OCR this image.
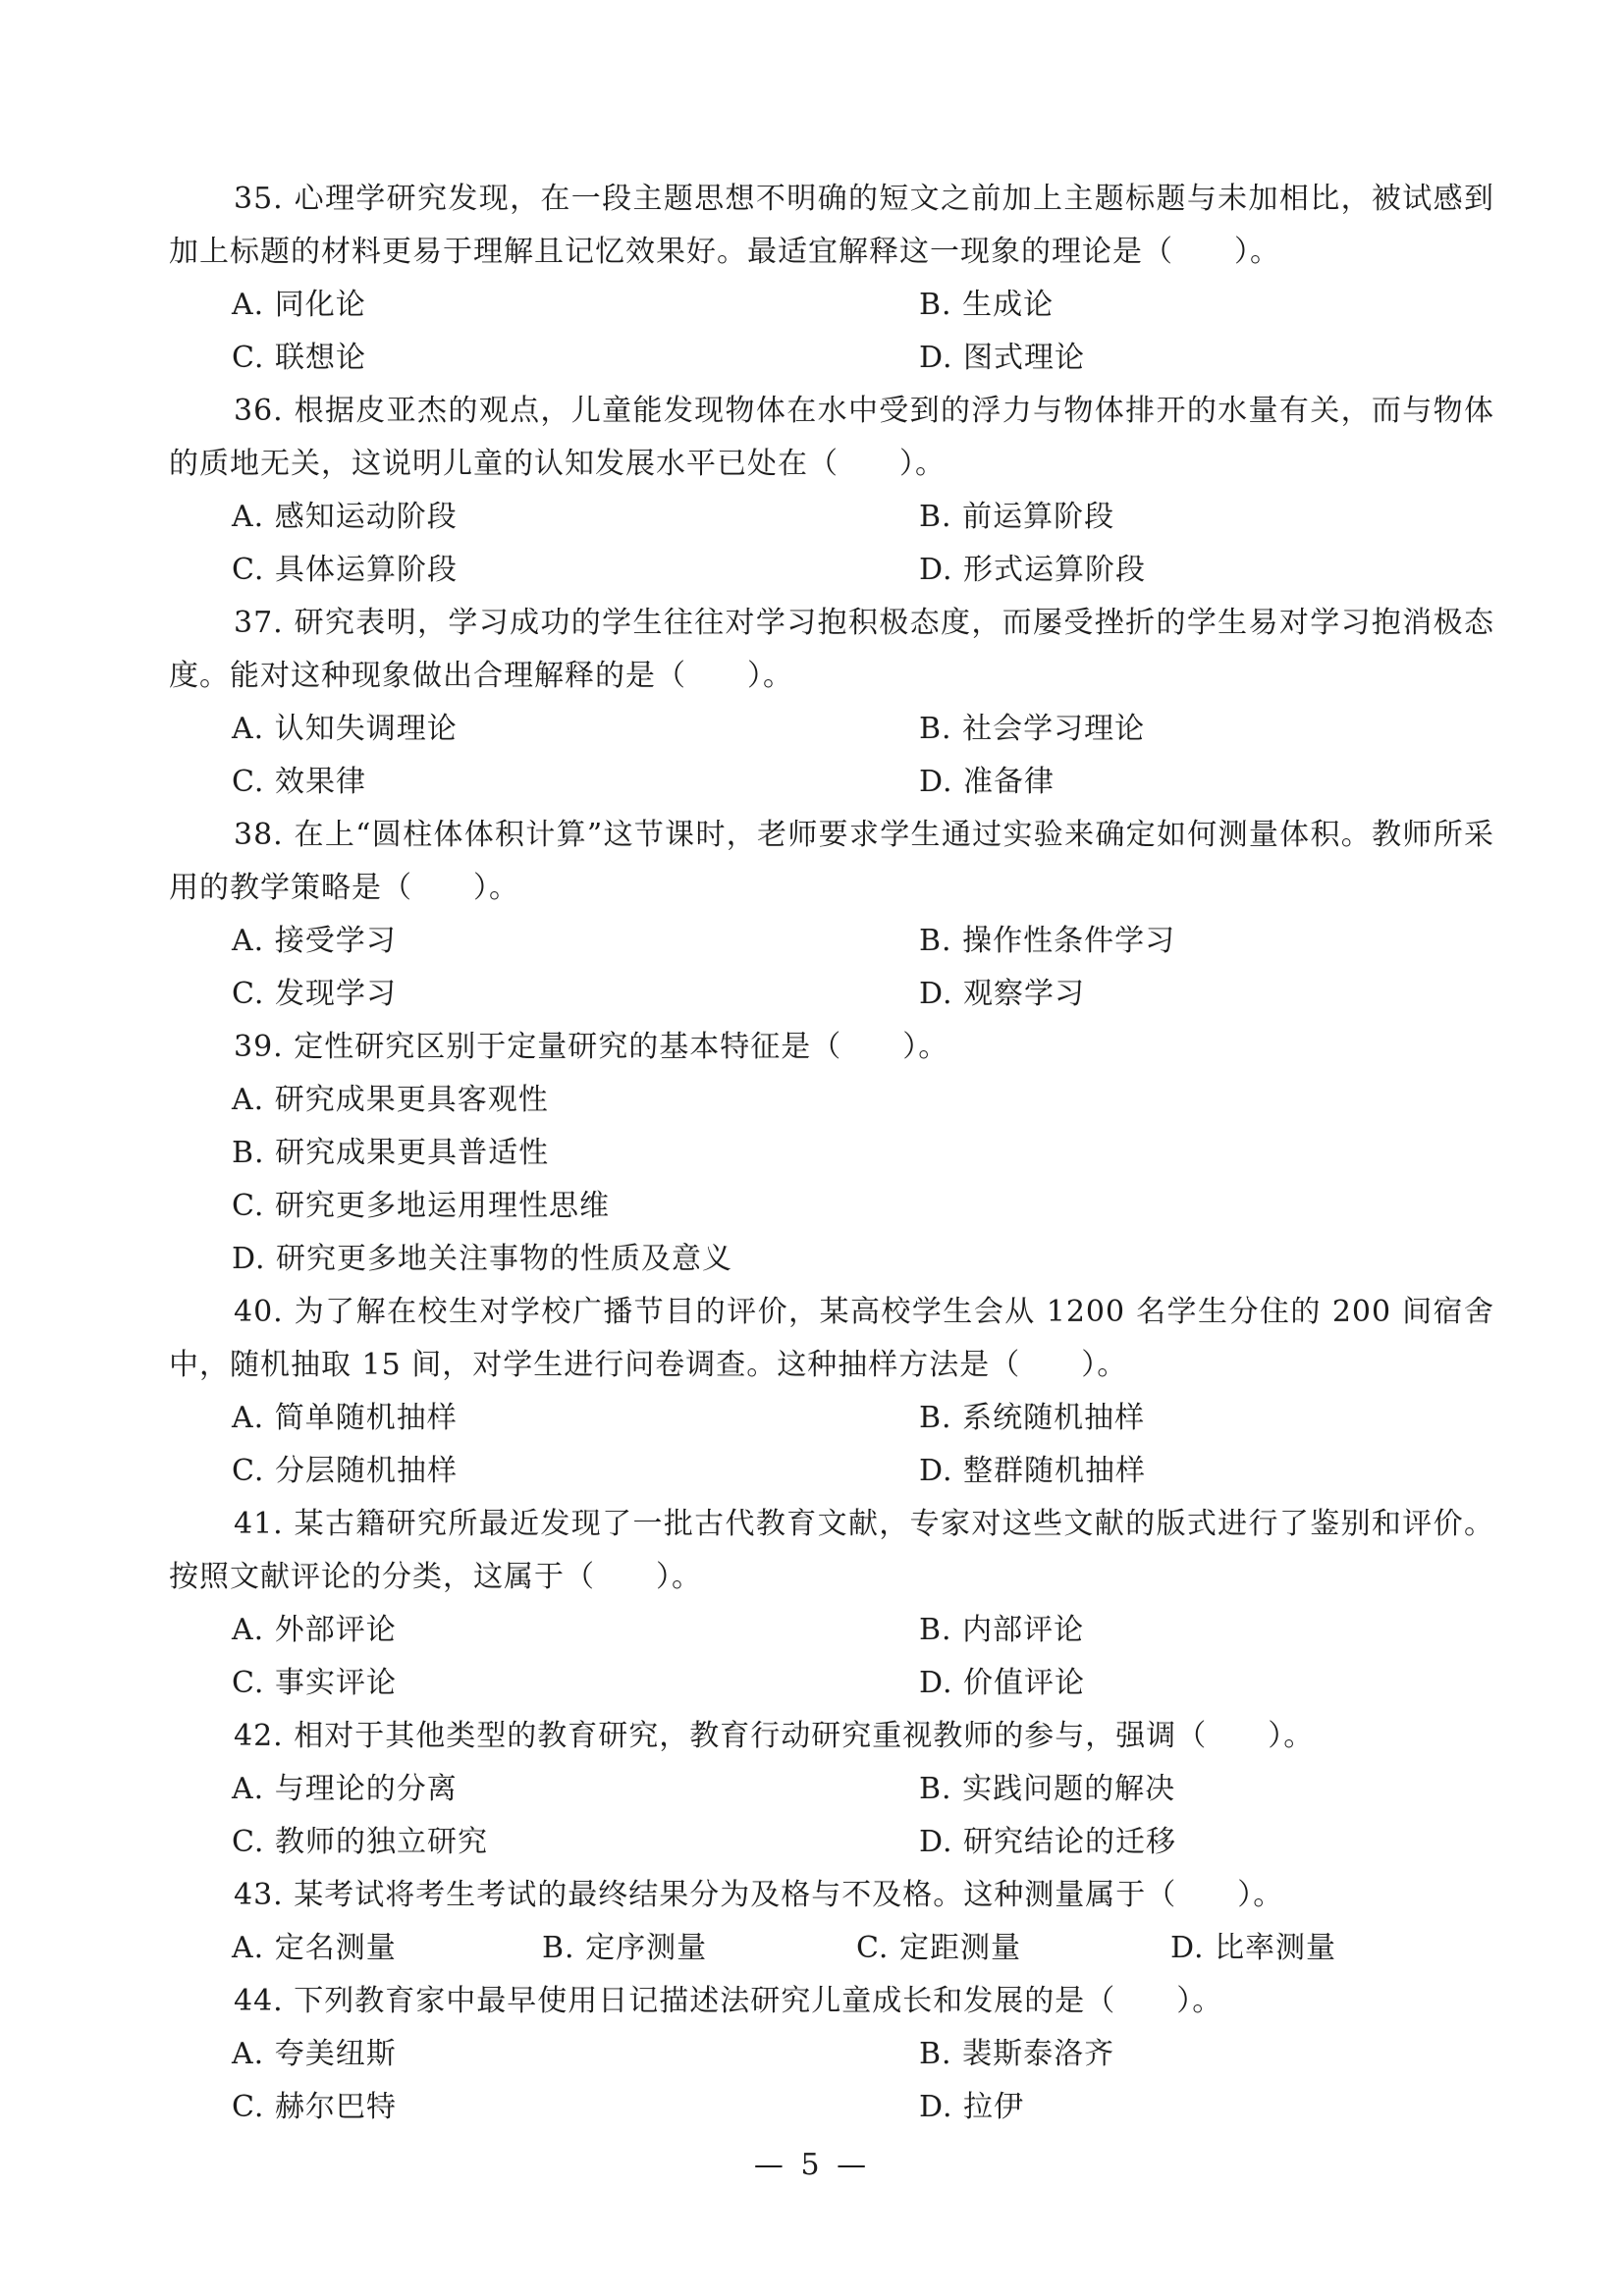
35. 心理学研究发现，在一段主题思想不明确的短文之前加上主题标题与未加相比，被试感到加上标题的材料更易于理解且记忆效果好。最适宜解释这一现象的理论是（　　）。

A. 同化论	B. 生成论
C. 联想论	D. 图式理论

36. 根据皮亚杰的观点，儿童能发现物体在水中受到的浮力与物体排开的水量有关，而与物体的质地无关，这说明儿童的认知发展水平已处在（　　）。

A. 感知运动阶段	B. 前运算阶段
C. 具体运算阶段	D. 形式运算阶段

37. 研究表明，学习成功的学生往往对学习抱积极态度，而屡受挫折的学生易对学习抱消极态度。能对这种现象做出合理解释的是（　　）。

A. 认知失调理论	B. 社会学习理论
C. 效果律	D. 准备律

38. 在上“圆柱体体积计算”这节课时，老师要求学生通过实验来确定如何测量体积。教师所采用的教学策略是（　　）。

A. 接受学习	B. 操作性条件学习
C. 发现学习	D. 观察学习

39. 定性研究区别于定量研究的基本特征是（　　）。

A. 研究成果更具客观性
B. 研究成果更具普适性
C. 研究更多地运用理性思维
D. 研究更多地关注事物的性质及意义

40. 为了解在校生对学校广播节目的评价，某高校学生会从 1200 名学生分住的 200 间宿舍中，随机抽取 15 间，对学生进行问卷调查。这种抽样方法是（　　）。

A. 简单随机抽样	B. 系统随机抽样
C. 分层随机抽样	D. 整群随机抽样

41. 某古籍研究所最近发现了一批古代教育文献，专家对这些文献的版式进行了鉴别和评价。按照文献评论的分类，这属于（　　）。

A. 外部评论	B. 内部评论
C. 事实评论	D. 价值评论

42. 相对于其他类型的教育研究，教育行动研究重视教师的参与，强调（　　）。

A. 与理论的分离	B. 实践问题的解决
C. 教师的独立研究	D. 研究结论的迁移

43. 某考试将考生考试的最终结果分为及格与不及格。这种测量属于（　　）。

A. 定名测量	B. 定序测量	C. 定距测量	D. 比率测量

44. 下列教育家中最早使用日记描述法研究儿童成长和发展的是（　　）。

A. 夸美纽斯	B. 裴斯泰洛齐
C. 赫尔巴特	D. 拉伊
— 5 —
